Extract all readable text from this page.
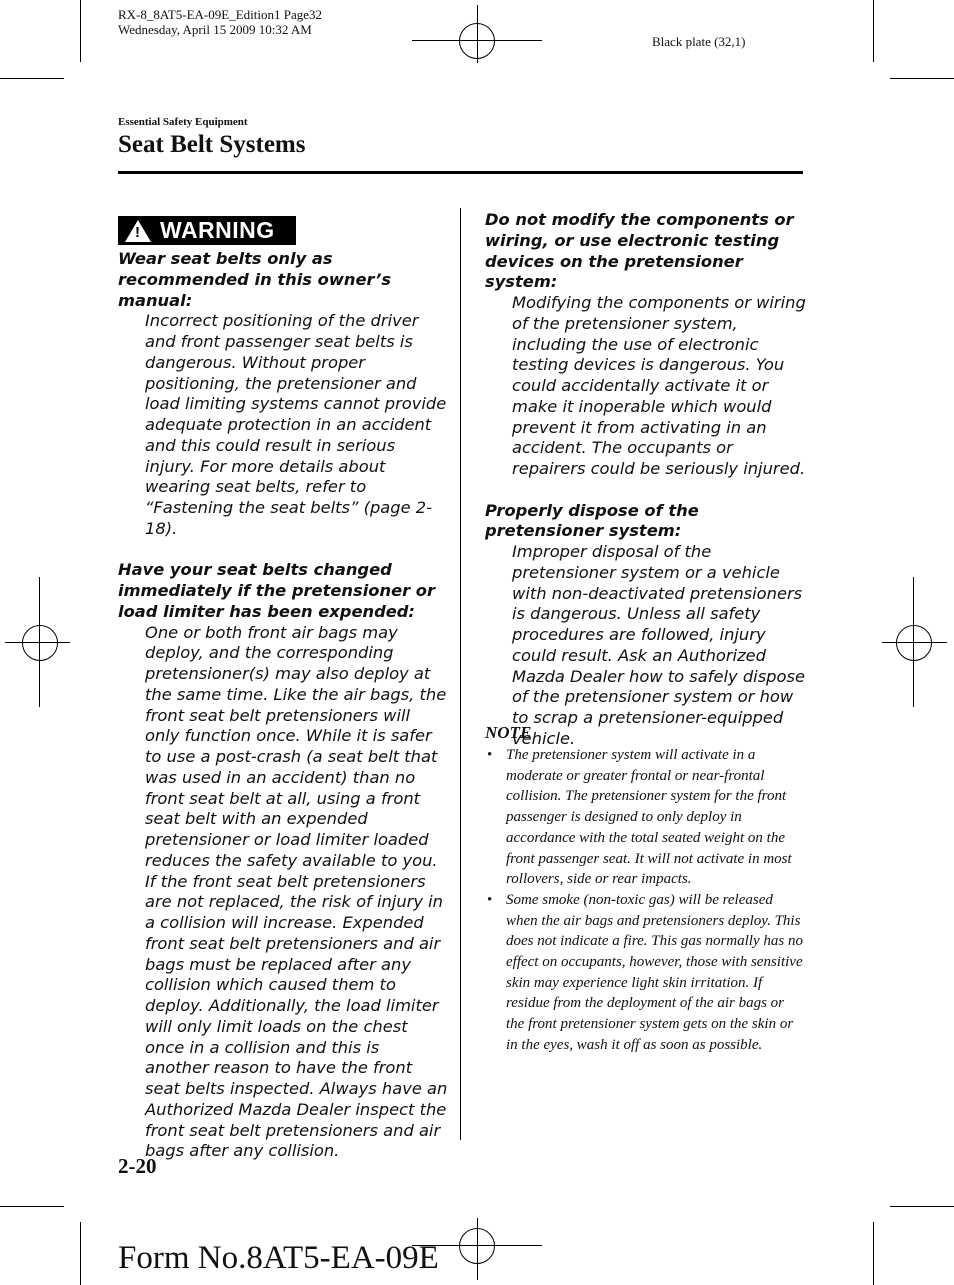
RX-8_8AT5-EA-09E_Edition1 Page32
Wednesday, April 15 2009 10:32 AM
Black plate (32,1)
Essential Safety Equipment
Seat Belt Systems
! WARNING

Wear seat belts only as recommended in this owner’s manual:

Incorrect positioning of the driver and front passenger seat belts is dangerous. Without proper positioning, the pretensioner and load limiting systems cannot provide adequate protection in an accident and this could result in serious injury. For more details about wearing seat belts, refer to “Fastening the seat belts” (page 2-18).

Have your seat belts changed immediately if the pretensioner or load limiter has been expended:

One or both front air bags may deploy, and the corresponding pretensioner(s) may also deploy at the same time. Like the air bags, the front seat belt pretensioners will only function once. While it is safer to use a post-crash (a seat belt that was used in an accident) than no front seat belt at all, using a front seat belt with an expended pretensioner or load limiter loaded reduces the safety available to you. If the front seat belt pretensioners are not replaced, the risk of injury in a collision will increase. Expended front seat belt pretensioners and air bags must be replaced after any collision which caused them to deploy. Additionally, the load limiter will only limit loads on the chest once in a collision and this is another reason to have the front seat belts inspected. Always have an Authorized Mazda Dealer inspect the front seat belt pretensioners and air bags after any collision.

Do not modify the components or wiring, or use electronic testing devices on the pretensioner system:

Modifying the components or wiring of the pretensioner system, including the use of electronic testing devices is dangerous. You could accidentally activate it or make it inoperable which would prevent it from activating in an accident. The occupants or repairers could be seriously injured.

Properly dispose of the pretensioner system:

Improper disposal of the pretensioner system or a vehicle with non-deactivated pretensioners is dangerous. Unless all safety procedures are followed, injury could result. Ask an Authorized Mazda Dealer how to safely dispose of the pretensioner system or how to scrap a pretensioner-equipped vehicle.

NOTE
• The pretensioner system will activate in a moderate or greater frontal or near-frontal collision. The pretensioner system for the front passenger is designed to only deploy in accordance with the total seated weight on the front passenger seat. It will not activate in most rollovers, side or rear impacts.
• Some smoke (non-toxic gas) will be released when the air bags and pretensioners deploy. This does not indicate a fire. This gas normally has no effect on occupants, however, those with sensitive skin may experience light skin irritation. If residue from the deployment of the air bags or the front pretensioner system gets on the skin or in the eyes, wash it off as soon as possible.
2-20
Form No.8AT5-EA-09E
